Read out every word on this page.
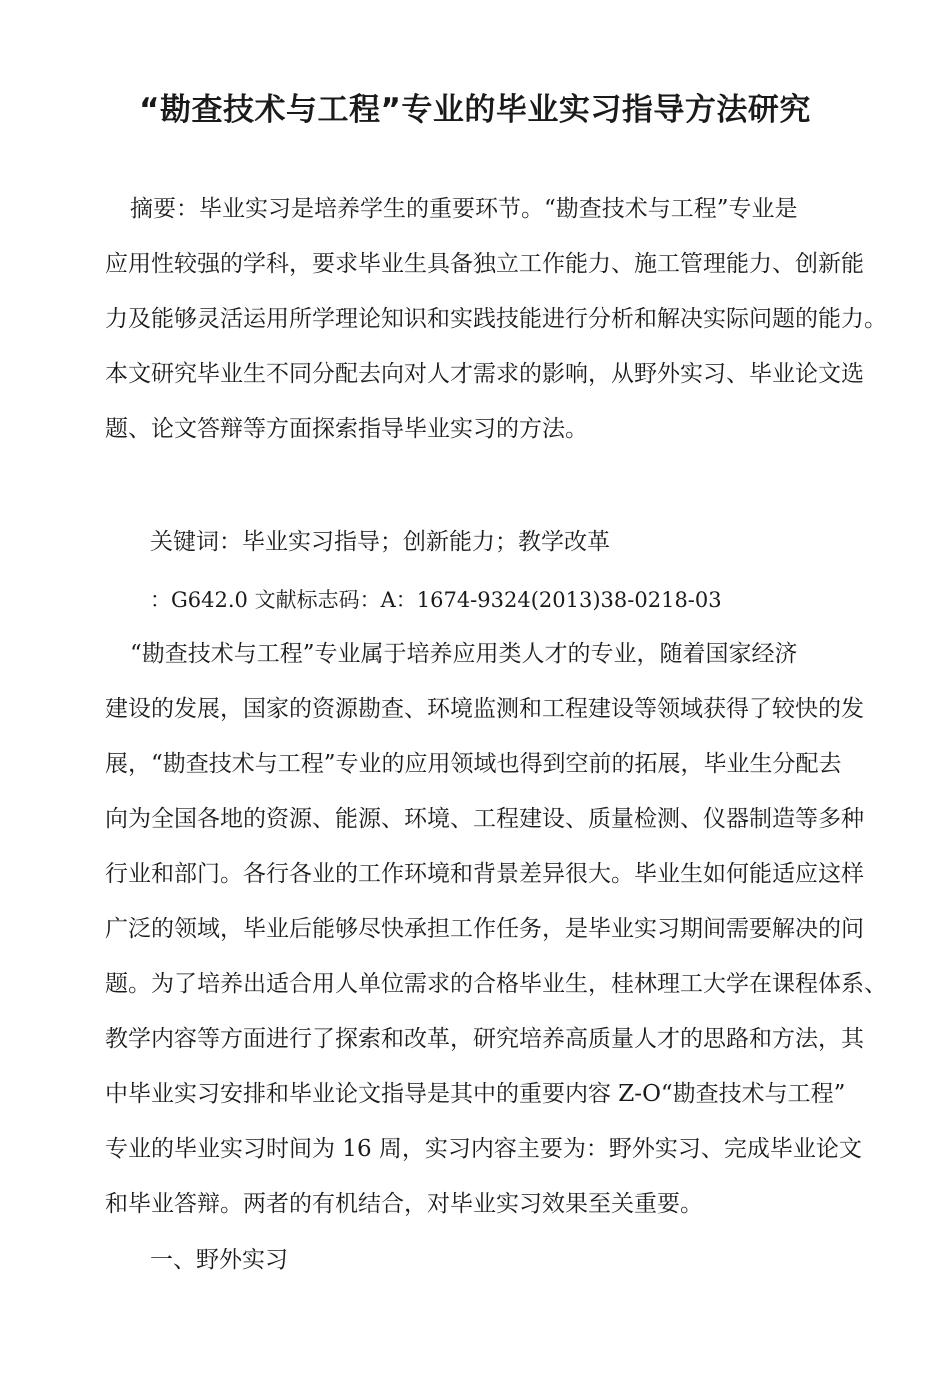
“勘查技术与工程”专业的毕业实习指导方法研究

摘要：毕业实习是培养学生的重要环节。“勘查技术与工程”专业是

应用性较强的学科，要求毕业生具备独立工作能力、施工管理能力、创新能

力及能够灵活运用所学理论知识和实践技能进行分析和解决实际问题的能力。

本文研究毕业生不同分配去向对人才需求的影响，从野外实习、毕业论文选

题、论文答辩等方面探索指导毕业实习的方法。

关键词：毕业实习指导；创新能力；教学改革

：G642.0 文献标志码：A：1674-9324(2013)38-0218-03

“勘查技术与工程”专业属于培养应用类人才的专业，随着国家经济

建设的发展，国家的资源勘查、环境监测和工程建设等领域获得了较快的发

展，“勘查技术与工程”专业的应用领域也得到空前的拓展，毕业生分配去

向为全国各地的资源、能源、环境、工程建设、质量检测、仪器制造等多种

行业和部门。各行各业的工作环境和背景差异很大。毕业生如何能适应这样

广泛的领域，毕业后能够尽快承担工作任务，是毕业实习期间需要解决的问

题。为了培养出适合用人单位需求的合格毕业生，桂林理工大学在课程体系、

教学内容等方面进行了探索和改革，研究培养高质量人才的思路和方法，其

中毕业实习安排和毕业论文指导是其中的重要内容 Z-O“勘查技术与工程”

专业的毕业实习时间为 16 周，实习内容主要为：野外实习、完成毕业论文

和毕业答辩。两者的有机结合，对毕业实习效果至关重要。

一、野外实习
